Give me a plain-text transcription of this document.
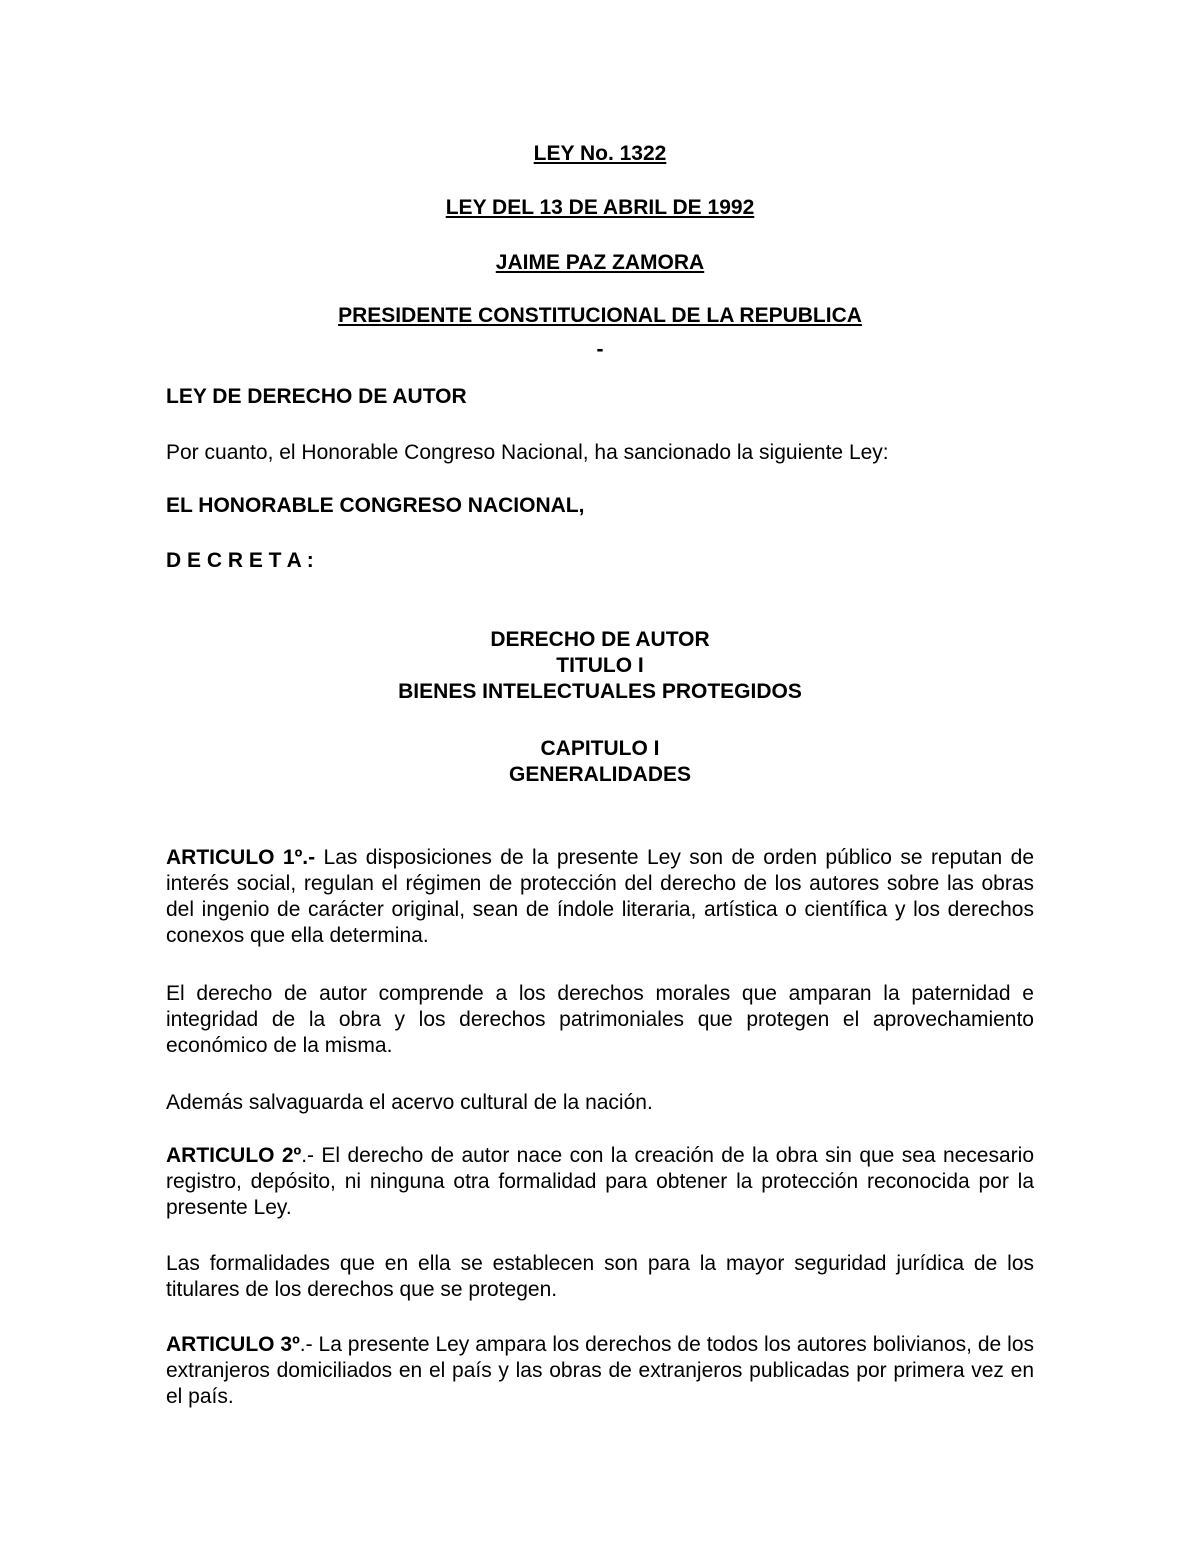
LEY No. 1322

LEY DEL 13 DE ABRIL DE 1992

JAIME PAZ ZAMORA

PRESIDENTE CONSTITUCIONAL DE LA REPUBLICA

-

LEY DE DERECHO DE AUTOR

Por cuanto, el Honorable Congreso Nacional, ha sancionado la siguiente Ley:

EL HONORABLE CONGRESO NACIONAL,

D E C R E T A :

DERECHO DE AUTOR
TITULO I
BIENES INTELECTUALES PROTEGIDOS
CAPITULO I
GENERALIDADES

ARTICULO 1º.- Las disposiciones de la presente Ley son de orden público se reputan de interés social, regulan el régimen de protección del derecho de los autores sobre las obras del ingenio de carácter original, sean de índole literaria, artística o científica y los derechos conexos que ella determina.

El derecho de autor comprende a los derechos morales que amparan la paternidad e integridad de la obra y los derechos patrimoniales que protegen el aprovechamiento económico de la misma.

Además salvaguarda el acervo cultural de la nación.

ARTICULO 2º.- El derecho de autor nace con la creación de la obra sin que sea necesario registro, depósito, ni ninguna otra formalidad para obtener la protección reconocida por la presente Ley.

Las formalidades que en ella se establecen son para la mayor seguridad jurídica de los titulares de los derechos que se protegen.

ARTICULO 3º.- La presente Ley ampara los derechos de todos los autores bolivianos, de los extranjeros domiciliados en el país y las obras de extranjeros publicadas por primera vez en el país.
